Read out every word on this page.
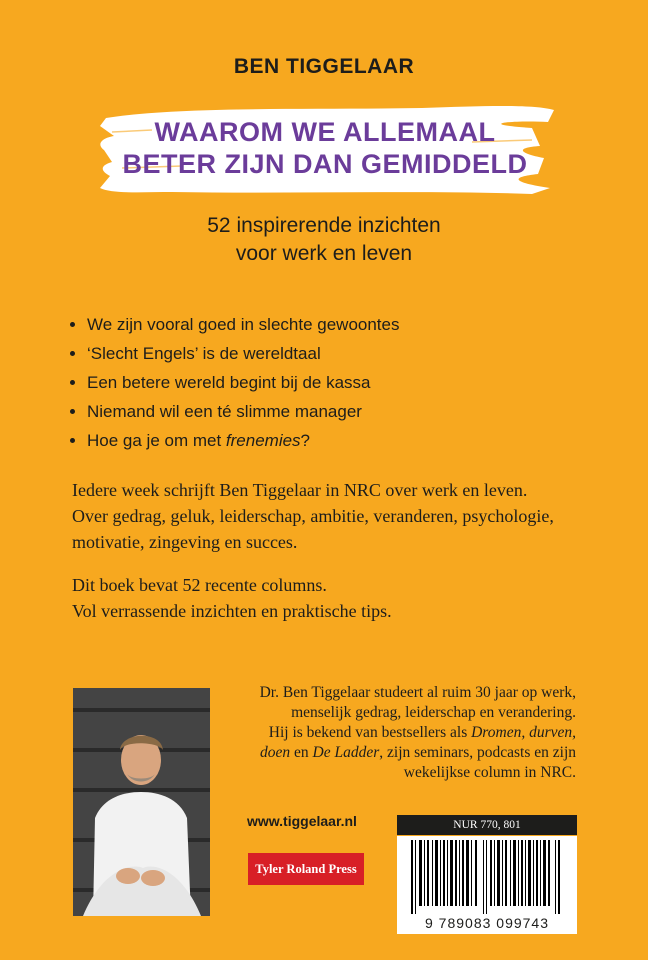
BEN TIGGELAAR
WAAROM WE ALLEMAAL
BETER ZIJN DAN GEMIDDELD
52 inspirerende inzichten
voor werk en leven
We zijn vooral goed in slechte gewoontes
‘Slecht Engels’ is de wereldtaal
Een betere wereld begint bij de kassa
Niemand wil een té slimme manager
Hoe ga je om met frenemies ?
Iedere week schrijft Ben Tiggelaar in NRC over werk en leven.
Over gedrag, geluk, leiderschap, ambitie, veranderen, psychologie,
motivatie, zingeving en succes.
Dit boek bevat 52 recente columns.
Vol verrassende inzichten en praktische tips.
Dr. Ben Tiggelaar studeert al ruim 30 jaar op werk,
menselijk gedrag, leiderschap en verandering.
Hij is bekend van bestsellers als Dromen, durven,
doen en De Ladder, zijn seminars, podcasts en zijn
wekelijkse column in NRC.
www.tiggelaar.nl
Tyler Roland Press
NUR 770, 801
9 789083 099743
